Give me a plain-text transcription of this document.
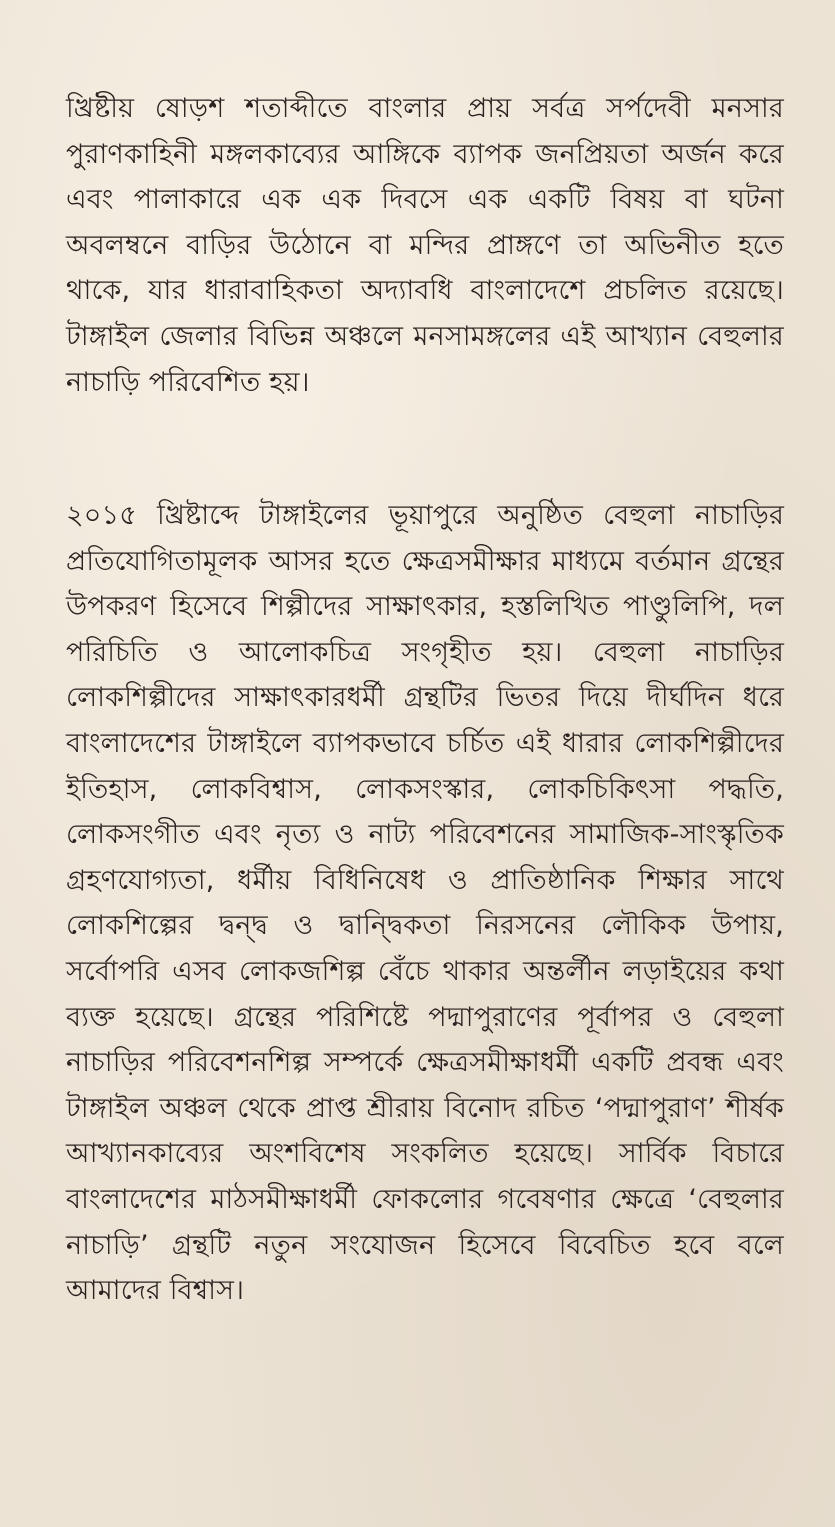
খ্রিষ্টীয় ষোড়শ শতাব্দীতে বাংলার প্রায় সর্বত্র সর্পদেবী মনসার পুরাণকাহিনী মঙ্গলকাব্যের আঙ্গিকে ব্যাপক জনপ্রিয়তা অর্জন করে এবং পালাকারে এক এক দিবসে এক একটি বিষয় বা ঘটনা অবলম্বনে বাড়ির উঠোনে বা মন্দির প্রাঙ্গণে তা অভিনীত হতে থাকে, যার ধারাবাহিকতা অদ্যাবধি বাংলাদেশে প্রচলিত রয়েছে। টাঙ্গাইল জেলার বিভিন্ন অঞ্চলে মনসামঙ্গলের এই আখ্যান বেহুলার নাচাড়ি পরিবেশিত হয়।

২০১৫ খ্রিষ্টাব্দে টাঙ্গাইলের ভূয়াপুরে অনুষ্ঠিত বেহুলা নাচাড়ির প্রতিযোগিতামূলক আসর হতে ক্ষেত্রসমীক্ষার মাধ্যমে বর্তমান গ্রন্থের উপকরণ হিসেবে শিল্পীদের সাক্ষাৎকার, হস্তলিখিত পাণ্ডুলিপি, দল পরিচিতি ও আলোকচিত্র সংগৃহীত হয়। বেহুলা নাচাড়ির লোকশিল্পীদের সাক্ষাৎকারধর্মী গ্রন্থটির ভিতর দিয়ে দীর্ঘদিন ধরে বাংলাদেশের টাঙ্গাইলে ব্যাপকভাবে চর্চিত এই ধারার লোকশিল্পীদের ইতিহাস, লোকবিশ্বাস, লোকসংস্কার, লোকচিকিৎসা পদ্ধতি, লোকসংগীত এবং নৃত্য ও নাট্য পরিবেশনের সামাজিক-সাংস্কৃতিক গ্রহণযোগ্যতা, ধর্মীয় বিধিনিষেধ ও প্রাতিষ্ঠানিক শিক্ষার সাথে লোকশিল্পের দ্বন্দ্ব ও দ্বান্দ্বিকতা নিরসনের লৌকিক উপায়, সর্বোপরি এসব লোকজশিল্প বেঁচে থাকার অন্তর্লীন লড়াইয়ের কথা ব্যক্ত হয়েছে। গ্রন্থের পরিশিষ্টে পদ্মাপুরাণের পূর্বাপর ও বেহুলা নাচাড়ির পরিবেশনশিল্প সম্পর্কে ক্ষেত্রসমীক্ষাধর্মী একটি প্রবন্ধ এবং টাঙ্গাইল অঞ্চল থেকে প্রাপ্ত শ্রীরায় বিনোদ রচিত ‘পদ্মাপুরাণ’ শীর্ষক আখ্যানকাব্যের অংশবিশেষ সংকলিত হয়েছে। সার্বিক বিচারে বাংলাদেশের মাঠসমীক্ষাধর্মী ফোকলোর গবেষণার ক্ষেত্রে ‘বেহুলার নাচাড়ি’ গ্রন্থটি নতুন সংযোজন হিসেবে বিবেচিত হবে বলে আমাদের বিশ্বাস।
